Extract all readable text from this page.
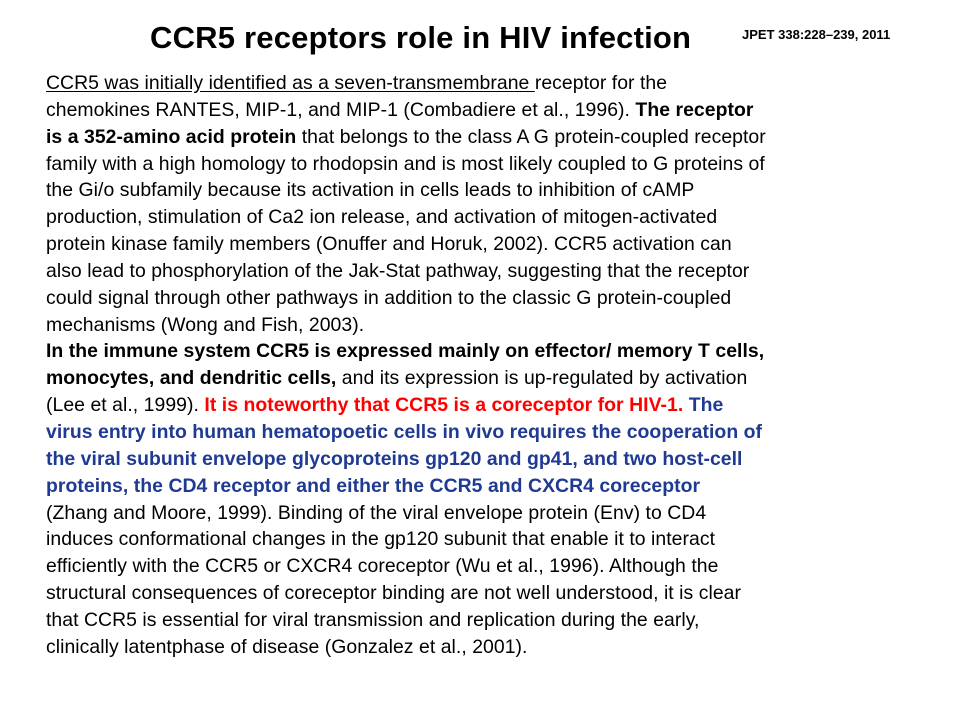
CCR5 receptors role in HIV infection	JPET 338:228–239, 2011
CCR5 was initially identified as a seven-transmembrane receptor for the
chemokines RANTES, MIP-1, and MIP-1 (Combadiere et al., 1996). The receptor
is a 352-amino acid protein that belongs to the class A G protein-coupled receptor
family with a high homology to rhodopsin and is most likely coupled to G proteins of
the Gi/o subfamily because its activation in cells leads to inhibition of cAMP
production, stimulation of Ca2 ion release, and activation of mitogen-activated
protein kinase family members (Onuffer and Horuk, 2002). CCR5 activation can
also lead to phosphorylation of the Jak-Stat pathway, suggesting that the receptor
could signal through other pathways in addition to the classic G protein-coupled
mechanisms (Wong and Fish, 2003).
In the immune system CCR5 is expressed mainly on effector/ memory T cells,
monocytes, and dendritic cells, and its expression is up-regulated by activation
(Lee et al., 1999). It is noteworthy that CCR5 is a coreceptor for HIV-1. The
virus entry into human hematopoetic cells in vivo requires the cooperation of
the viral subunit envelope glycoproteins gp120 and gp41, and two host-cell
proteins, the CD4 receptor and either the CCR5 and CXCR4 coreceptor
(Zhang and Moore, 1999). Binding of the viral envelope protein (Env) to CD4
induces conformational changes in the gp120 subunit that enable it to interact
efficiently with the CCR5 or CXCR4 coreceptor (Wu et al., 1996). Although the
structural consequences of coreceptor binding are not well understood, it is clear
that CCR5 is essential for viral transmission and replication during the early,
clinically latentphase of disease (Gonzalez et al., 2001).
